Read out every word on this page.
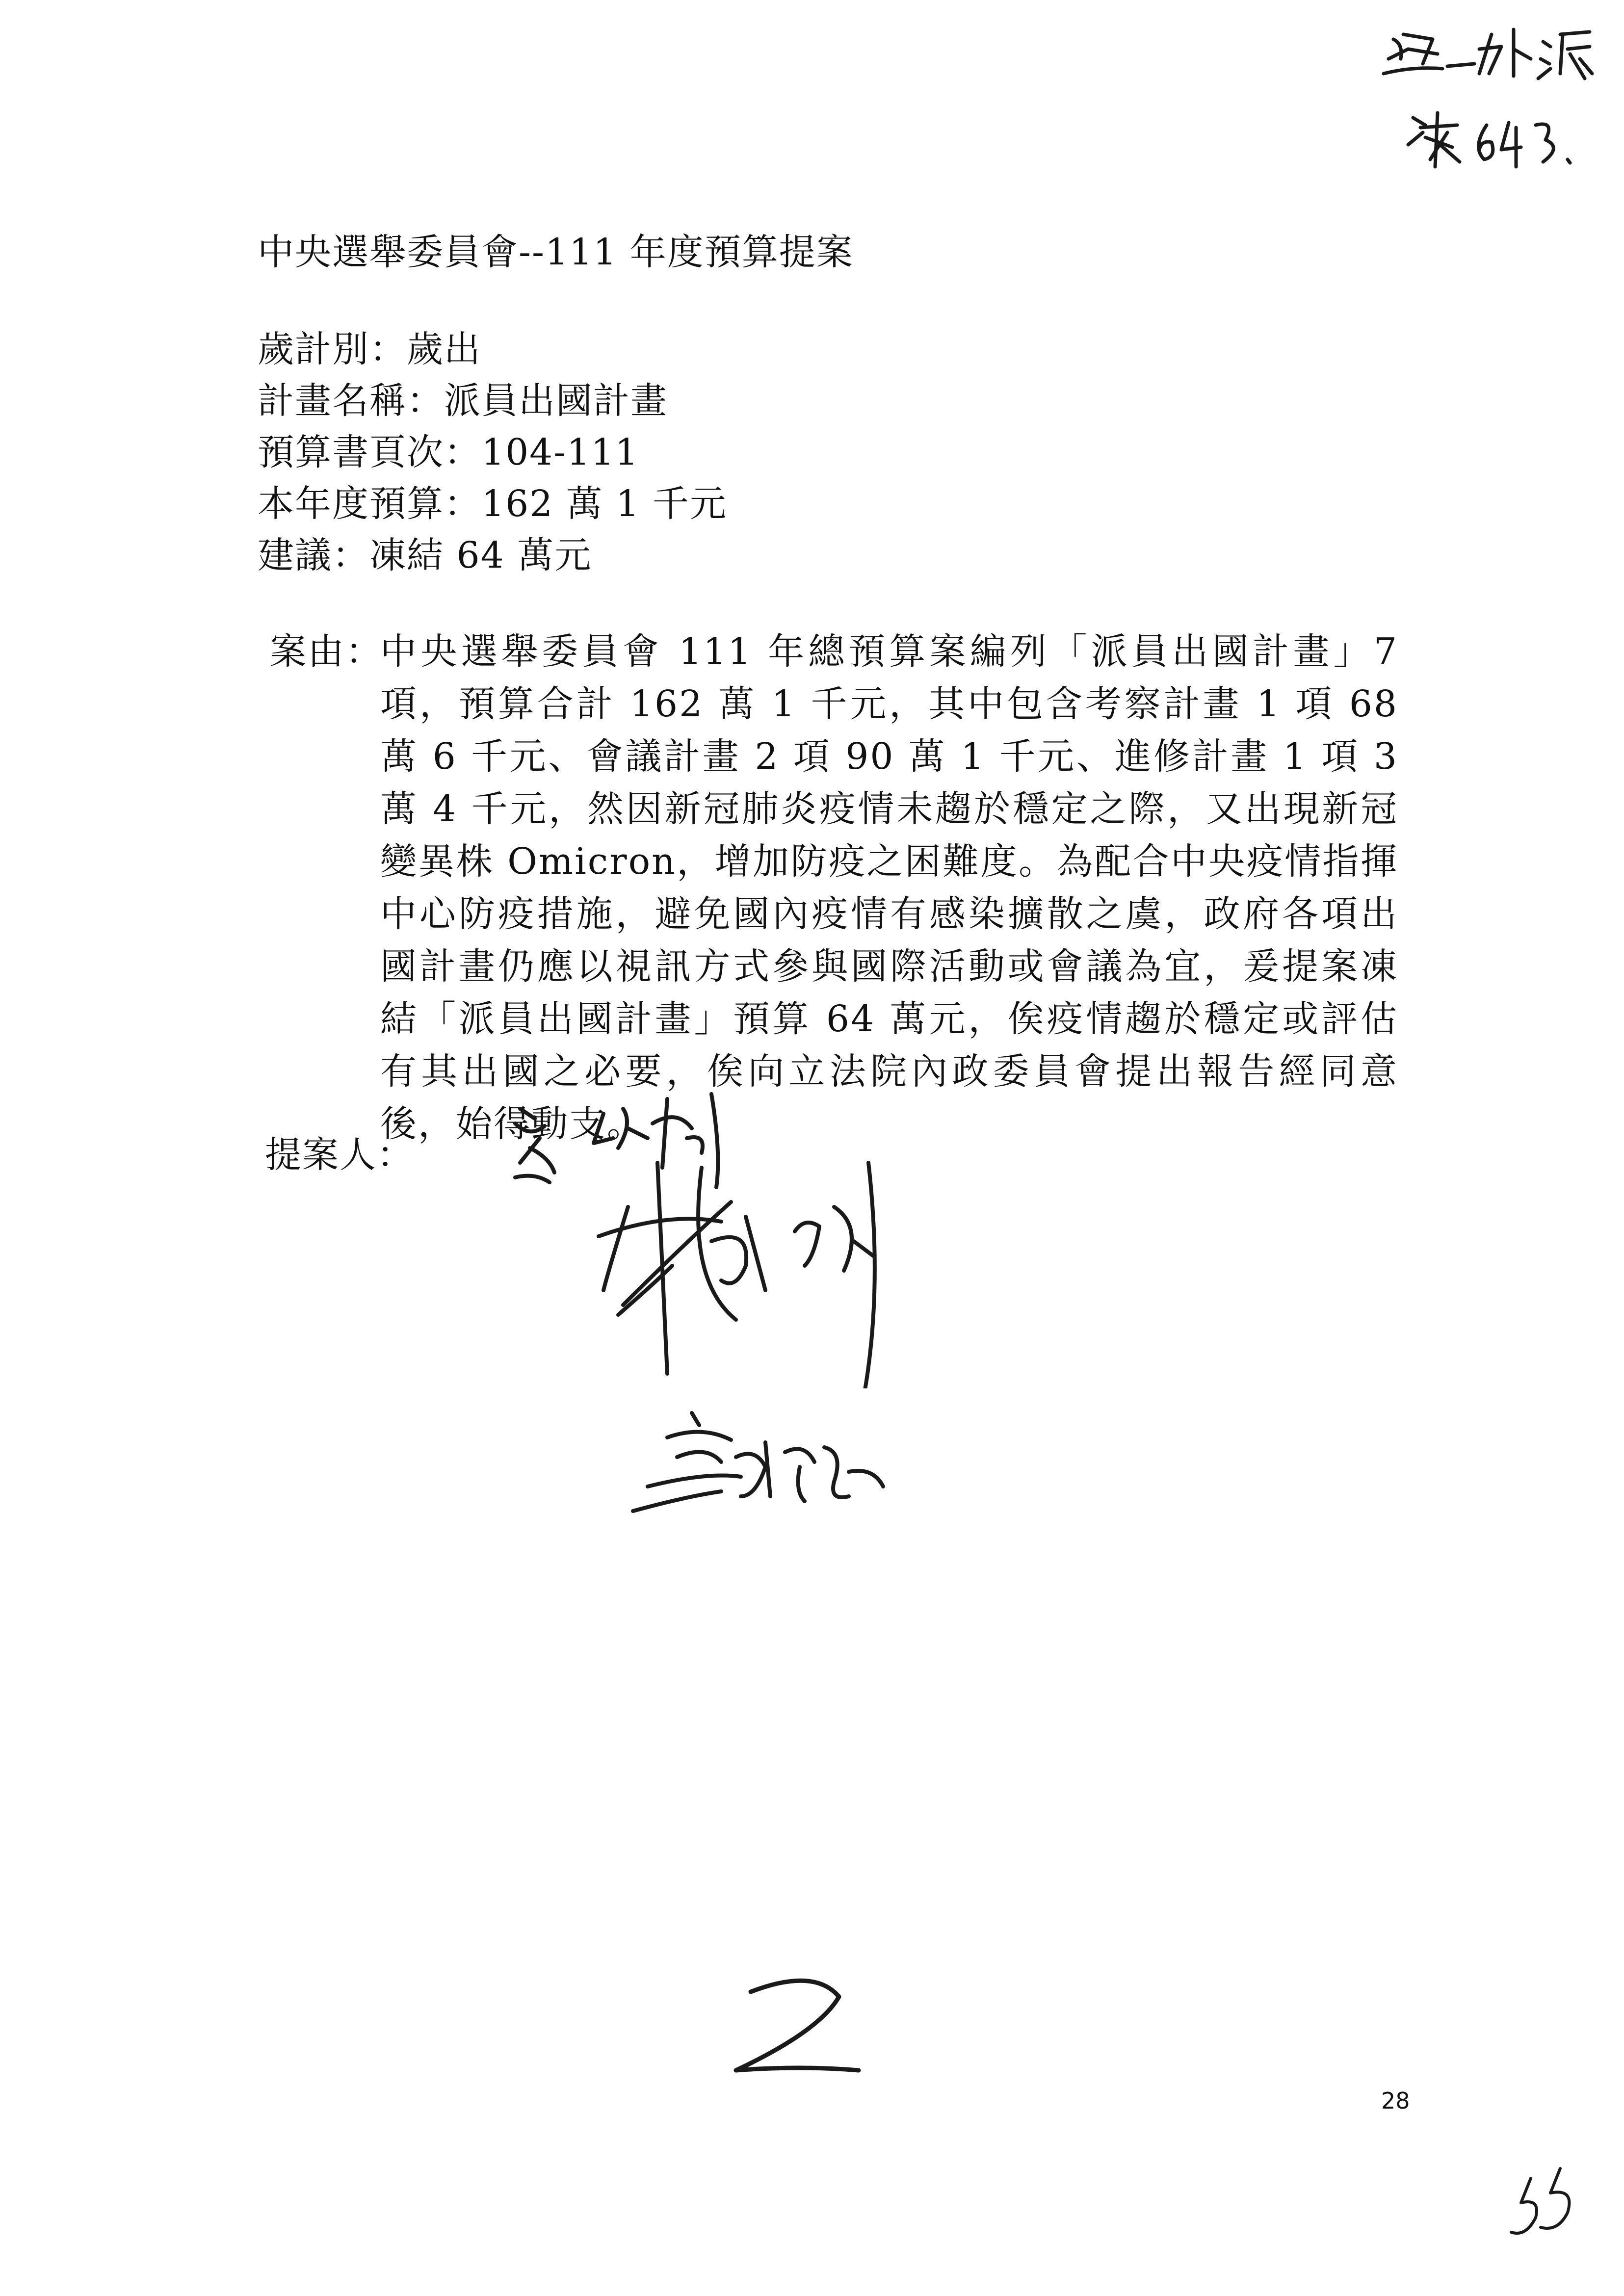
中央選舉委員會--111 年度預算提案
歲計別：歲出
計畫名稱：派員出國計畫
預算書頁次：104-111
本年度預算：162 萬 1 千元
建議：凍結 64 萬元
案由：
中央選舉委員會 111 年總預算案編列「派員出國計畫」7 項，預算合計 162 萬 1 千元，其中包含考察計畫 1 項 68 萬 6 千元、會議計畫 2 項 90 萬 1 千元、進修計畫 1 項 3 萬 4 千元，然因新冠肺炎疫情未趨於穩定之際，又出現新冠變異株 Omicron，增加防疫之困難度。為配合中央疫情指揮中心防疫措施，避免國內疫情有感染擴散之虞，政府各項出國計畫仍應以視訊方式參與國際活動或會議為宜，爰提案凍結「派員出國計畫」預算 64 萬元，俟疫情趨於穩定或評估有其出國之必要，俟向立法院內政委員會提出報告經同意後，始得動支。
提案人：
28
